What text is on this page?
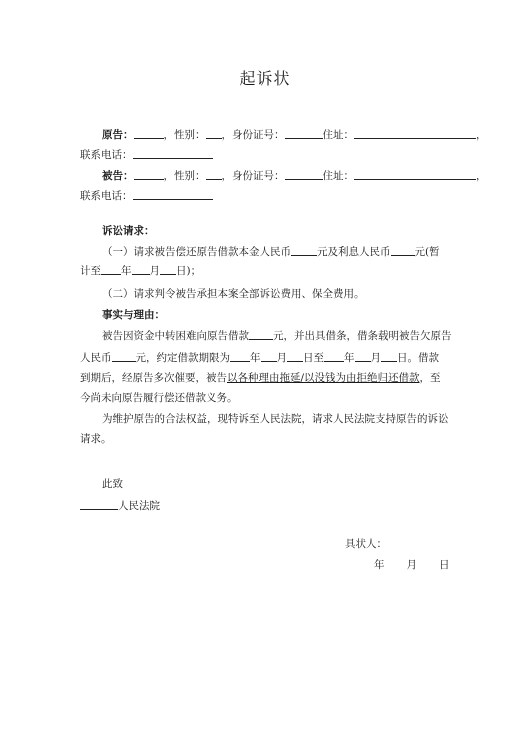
起诉状
原告：	，性别： ，身份证号：	住址：	，
联系电话：
被告：	，性别： ，身份证号：	住址：	，
联系电话：
诉讼请求：
（一）请求被告偿还原告借款本金人民币 元及利息人民币 元(暂
计至 年 月 日)；
（二）请求判令被告承担本案全部诉讼费用、保全费用。
事实与理由：
被告因资金中转困难向原告借款 元，并出具借条，借条载明被告欠原告
人民币 元，约定借款期限为 年 月 日至 年 月 日。借款
到期后，经原告多次催要，被告以各种理由拖延/以没钱为由拒绝归还借款，至
今尚未向原告履行偿还借款义务。
为维护原告的合法权益，现特诉至人民法院，请求人民法院支持原告的诉讼
请求。
此致
人民法院
具状人：
年 月 日
